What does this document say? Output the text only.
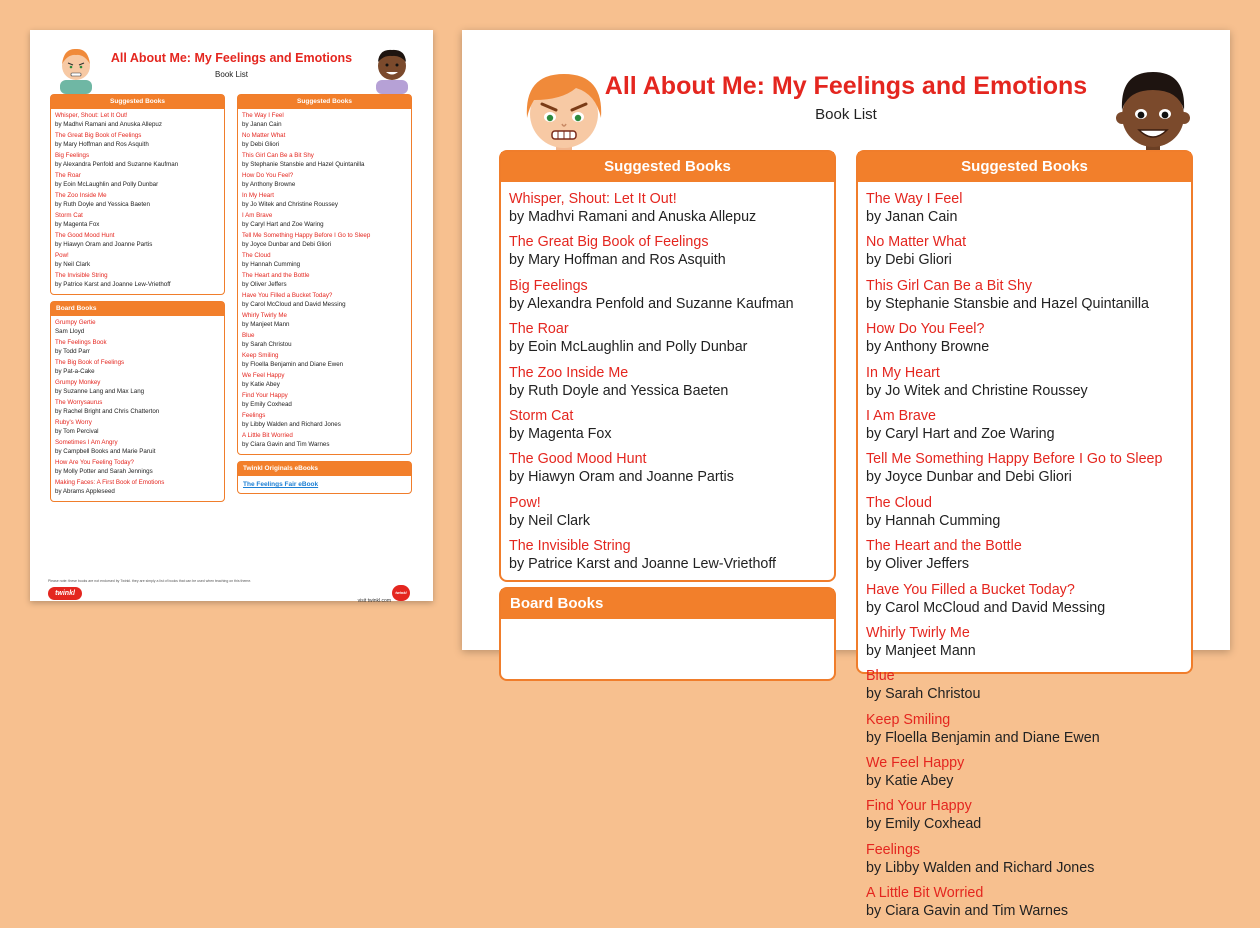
All About Me: My Feelings and Emotions
Book List
Suggested Books
Whisper, Shout: Let It Out!
by Madhvi Ramani and Anuska Allepuz
The Great Big Book of Feelings
by Mary Hoffman and Ros Asquith
Big Feelings
by Alexandra Penfold and Suzanne Kaufman
The Roar
by Eoin McLaughlin and Polly Dunbar
The Zoo Inside Me
by Ruth Doyle and Yessica Baeten
Storm Cat
by Magenta Fox
The Good Mood Hunt
by Hiawyn Oram and Joanne Partis
Pow!
by Neil Clark
The Invisible String
by Patrice Karst and Joanne Lew-Vriethoff
Board Books
Grumpy Gertie
Sam Lloyd
The Feelings Book
by Todd Parr
The Big Book of Feelings
by Pat-a-Cake
Grumpy Monkey
by Suzanne Lang and Max Lang
The Worrysaurus
by Rachel Bright and Chris Chatterton
Ruby's Worry
by Tom Percival
Sometimes I Am Angry
by Campbell Books and Marie Paruit
How Are You Feeling Today?
by Molly Potter and Sarah Jennings
Making Faces: A First Book of Emotions
by Abrams Appleseed
Suggested Books
The Way I Feel
by Janan Cain
No Matter What
by Debi Gliori
This Girl Can Be a Bit Shy
by Stephanie Stansbie and Hazel Quintanilla
How Do You Feel?
by Anthony Browne
In My Heart
by Jo Witek and Christine Roussey
I Am Brave
by Caryl Hart and Zoe Waring
Tell Me Something Happy Before I Go to Sleep
by Joyce Dunbar and Debi Gliori
The Cloud
by Hannah Cumming
The Heart and the Bottle
by Oliver Jeffers
Have You Filled a Bucket Today?
by Carol McCloud and David Messing
Whirly Twirly Me
by Manjeet Mann
Blue
by Sarah Christou
Keep Smiling
by Floella Benjamin and Diane Ewen
We Feel Happy
by Katie Abey
Find Your Happy
by Emily Coxhead
Feelings
by Libby Walden and Richard Jones
A Little Bit Worried
by Ciara Gavin and Tim Warnes
Twinkl Originals eBooks
The Feelings Fair eBook
Please note: these books are not endorsed by Twinkl. they are simply a list of books that can be used when teaching on this theme.
twinkl
visit twinkl.com
twinkl
All About Me: My Feelings and Emotions
Book List
Suggested Books
Whisper, Shout: Let It Out!
by Madhvi Ramani and Anuska Allepuz
The Great Big Book of Feelings
by Mary Hoffman and Ros Asquith
Big Feelings
by Alexandra Penfold and Suzanne Kaufman
The Roar
by Eoin McLaughlin and Polly Dunbar
The Zoo Inside Me
by Ruth Doyle and Yessica Baeten
Storm Cat
by Magenta Fox
The Good Mood Hunt
by Hiawyn Oram and Joanne Partis
Pow!
by Neil Clark
The Invisible String
by Patrice Karst and Joanne Lew-Vriethoff
Board Books
Suggested Books
The Way I Feel
by Janan Cain
No Matter What
by Debi Gliori
This Girl Can Be a Bit Shy
by Stephanie Stansbie and Hazel Quintanilla
How Do You Feel?
by Anthony Browne
In My Heart
by Jo Witek and Christine Roussey
I Am Brave
by Caryl Hart and Zoe Waring
Tell Me Something Happy Before I Go to Sleep
by Joyce Dunbar and Debi Gliori
The Cloud
by Hannah Cumming
The Heart and the Bottle
by Oliver Jeffers
Have You Filled a Bucket Today?
by Carol McCloud and David Messing
Whirly Twirly Me
by Manjeet Mann
Blue
by Sarah Christou
Keep Smiling
by Floella Benjamin and Diane Ewen
We Feel Happy
by Katie Abey
Find Your Happy
by Emily Coxhead
Feelings
by Libby Walden and Richard Jones
A Little Bit Worried
by Ciara Gavin and Tim Warnes
